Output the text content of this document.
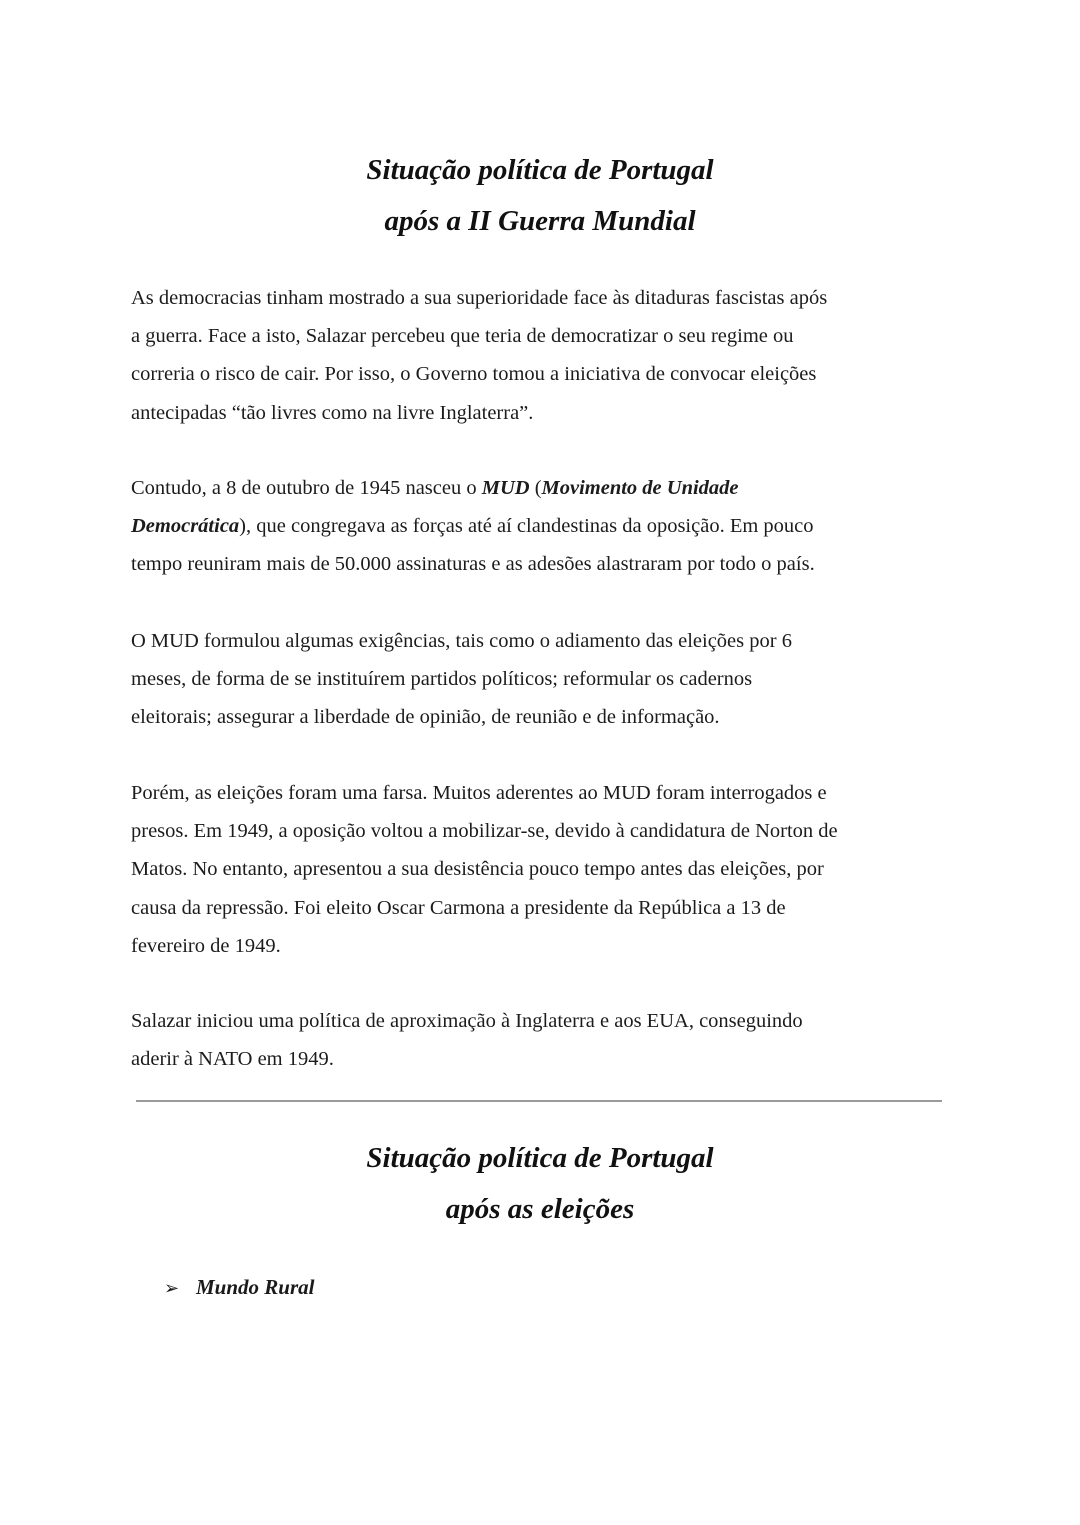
Situação política de Portugal
após a II Guerra Mundial

As democracias tinham mostrado a sua superioridade face às ditaduras fascistas após
a guerra. Face a isto, Salazar percebeu que teria de democratizar o seu regime ou
correria o risco de cair. Por isso, o Governo tomou a iniciativa de convocar eleições
antecipadas “tão livres como na livre Inglaterra”.

Contudo, a 8 de outubro de 1945 nasceu o MUD (Movimento de Unidade
Democrática), que congregava as forças até aí clandestinas da oposição. Em pouco
tempo reuniram mais de 50.000 assinaturas e as adesões alastraram por todo o país.

O MUD formulou algumas exigências, tais como o adiamento das eleições por 6
meses, de forma de se instituírem partidos políticos; reformular os cadernos
eleitorais; assegurar a liberdade de opinião, de reunião e de informação.

Porém, as eleições foram uma farsa. Muitos aderentes ao MUD foram interrogados e
presos. Em 1949, a oposição voltou a mobilizar-se, devido à candidatura de Norton de
Matos. No entanto, apresentou a sua desistência pouco tempo antes das eleições, por
causa da repressão. Foi eleito Oscar Carmona a presidente da República a 13 de
fevereiro de 1949.

Salazar iniciou uma política de aproximação à Inglaterra e aos EUA, conseguindo
aderir à NATO em 1949.

Situação política de Portugal
após as eleições
➢ Mundo Rural
